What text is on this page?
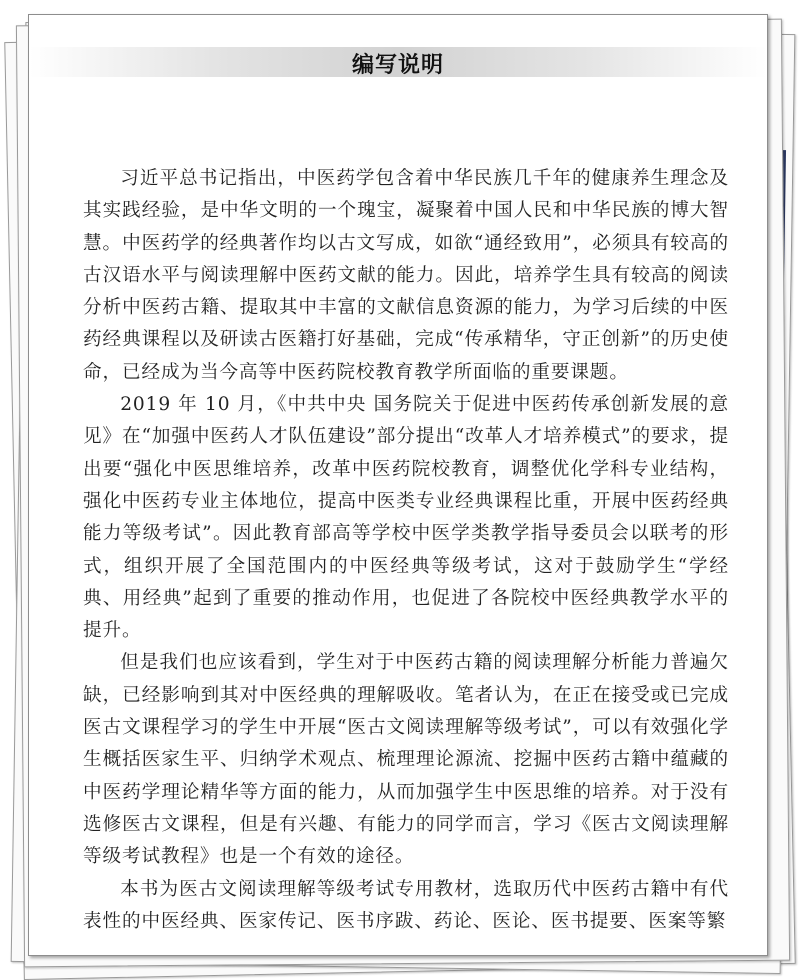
编写说明

习近平总书记指出，中医药学包含着中华民族几千年的健康养生理念及其实践经验，是中华文明的一个瑰宝，凝聚着中国人民和中华民族的博大智慧。中医药学的经典著作均以古文写成，如欲“通经致用”，必须具有较高的古汉语水平与阅读理解中医药文献的能力。因此，培养学生具有较高的阅读分析中医药古籍、提取其中丰富的文献信息资源的能力，为学习后续的中医药经典课程以及研读古医籍打好基础，完成“传承精华，守正创新”的历史使命，已经成为当今高等中医药院校教育教学所面临的重要课题。

2019 年 10 月，《中共中央 国务院关于促进中医药传承创新发展的意见》在“加强中医药人才队伍建设”部分提出“改革人才培养模式”的要求，提出要“强化中医思维培养，改革中医药院校教育，调整优化学科专业结构，强化中医药专业主体地位，提高中医类专业经典课程比重，开展中医药经典能力等级考试”。因此教育部高等学校中医学类教学指导委员会以联考的形式，组织开展了全国范围内的中医经典等级考试，这对于鼓励学生“学经典、用经典”起到了重要的推动作用，也促进了各院校中医经典教学水平的提升。

但是我们也应该看到，学生对于中医药古籍的阅读理解分析能力普遍欠缺，已经影响到其对中医经典的理解吸收。笔者认为，在正在接受或已完成医古文课程学习的学生中开展“医古文阅读理解等级考试”，可以有效强化学生概括医家生平、归纳学术观点、梳理理论源流、挖掘中医药古籍中蕴藏的中医药学理论精华等方面的能力，从而加强学生中医思维的培养。对于没有选修医古文课程，但是有兴趣、有能力的同学而言，学习《医古文阅读理解等级考试教程》也是一个有效的途径。

本书为医古文阅读理解等级考试专用教材，选取历代中医药古籍中有代表性的中医经典、医家传记、医书序跋、药论、医论、医书提要、医案等繁
